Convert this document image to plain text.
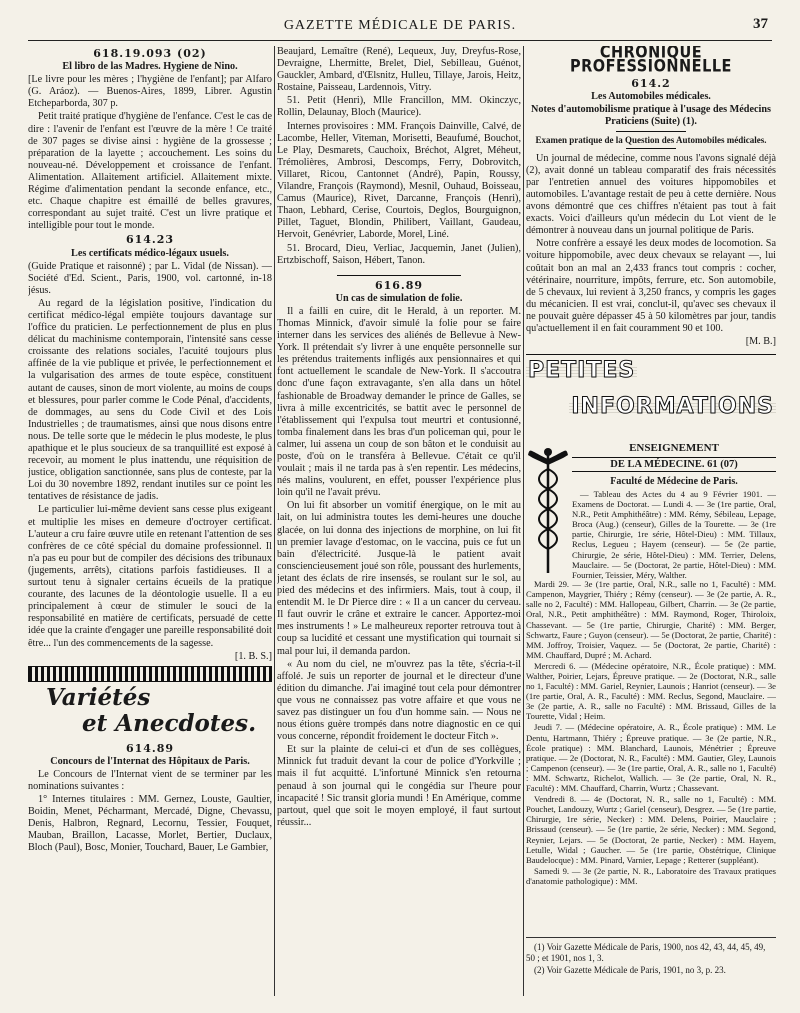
GAZETTE MÉDICALE DE PARIS.	37
618.19.093 (02)
El libro de las Madres. Hygiene de Nino.

[Le livre pour les mères ; l'hygiène de l'enfant]; par Alfaro (G. Aráoz). — Buenos-Aires, 1899, Librer. Agustin Etcheparborda, 307 p.

Petit traité pratique d'hygiène de l'enfance. C'est le cas de dire : l'avenir de l'enfant est l'œuvre de la mère ! Ce traité de 307 pages se divise ainsi : hygiène de la grossesse ; préparation de la layette ; accouchement. Les soins du nouveau-né. Développement et croissance de l'enfant. Alimentation. Allaitement artificiel. Allaitement mixte. Régime d'alimentation pendant la seconde enfance, etc., etc. Chaque chapitre est émaillé de belles gravures, correspondant au sujet traité. C'est un livre pratique et intelligible pour tout le monde.

614.23
Les certificats médico-légaux usuels.

(Guide Pratique et raisonné) ; par L. Vidal (de Nissan). — Société d'Ed. Scient., Paris, 1900, vol. cartonné, in-18 jésus.

Au regard de la législation positive, l'indication du certificat médico-légal empiète toujours davantage sur l'office du praticien. Le perfectionnement de plus en plus délicat du machinisme contemporain, l'intensité sans cesse croissante des relations sociales, l'acuité toujours plus affinée de la vie publique et privée, le perfectionnement et la vulgarisation des armes de toute espèce, constituent autant de causes, sinon de mort violente, au moins de coups et blessures, pour parler comme le Code Pénal, d'accidents, de dommages, au sens du Code Civil et des Lois Industrielles ; de traumatismes, ainsi que nous disons entre nous. De telle sorte que le médecin le plus modeste, le plus apathique et le plus soucieux de sa tranquillité est exposé à recevoir, au moment le plus inattendu, une réquisition de justice, obligation sanctionnée, sans plus de conteste, par la Loi du 30 novembre 1892, rendant inutiles sur ce point les tentatives de résistance de jadis.

Le particulier lui-même devient sans cesse plus exigeant et multiplie les mises en demeure d'octroyer certificat. L'auteur a cru faire œuvre utile en retenant l'attention de ses confrères de ce côté spécial du domaine professionnel. Il n'a pas eu pour but de compiler des décisions des tribunaux (jugements, arrêts), citations parfois fastidieuses. Il a surtout tenu à signaler certains écueils de la pratique courante, des lacunes de la déontologie usuelle. Il a eu principalement à cœur de stimuler le souci de la responsabilité en matière de certificats, persuadé de cette idée que la crainte d'engager une pareille responsabilité doit être... l'un des commencements de la sagesse.

[1. B. S.]
Variétés
et Anecdotes.
614.89
Concours de l'Internat des Hôpitaux de Paris.

Le Concours de l'Internat vient de se terminer par les nominations suivantes :

1° Internes titulaires : MM. Gernez, Louste, Gaultier, Boidin, Menet, Pécharmant, Mercadé, Digne, Chevassu, Denis, Halbron, Regnard, Lecornu, Tessier, Fouquet, Mauban, Braillon, Lacasse, Morlet, Bertier, Duclaux, Bloch (Paul), Bosc, Monier, Touchard, Bauer, Le Gambier,

Beaujard, Lemaître (René), Lequeux, Juy, Dreyfus-Rose, Devraigne, Lhermitte, Brelet, Diel, Sebilleau, Guénot, Gauckler, Ambard, d'Œlsnitz, Hulleu, Tillaye, Jarois, Heitz, Rostaine, Paisseau, Lardennois, Vitry.

51. Petit (Henri), Mlle Francillon, MM. Okinczyc, Rollin, Delaunay, Bloch (Maurice).

Internes provisoires : MM. François Dainville, Calvé, de Lacombe, Heller, Viteman, Morisetti, Beaufumé, Bouchot, Le Play, Desmarets, Cauchoix, Bréchot, Algret, Méheut, Trémolières, Ambrosi, Descomps, Ferry, Dobrovitch, Villaret, Ricou, Cantonnet (André), Papin, Roussy, Vilandre, François (Raymond), Mesnil, Ouhaud, Boisseau, Camus (Maurice), Rivet, Darcanne, François (Henri), Thaon, Lebhard, Cerise, Courtois, Deglos, Bourguignon, Pillet, Taguet, Blondin, Philibert, Vaillant, Gaudeau, Hervoit, Genévrier, Laborde, Morel, Liné.

51. Brocard, Dieu, Verliac, Jacquemin, Janet (Julien), Ertzbischoff, Saison, Hébert, Tanon.

616.89
Un cas de simulation de folie.

Il a failli en cuire, dit le Herald, à un reporter. M. Thomas Minnick, d'avoir simulé la folie pour se faire interner dans les services des aliénés de Bellevue à New-York. Il prétendait s'y livrer à une enquête personnelle sur les prétendus traitements infligés aux pensionnaires et qui font actuellement le scandale de New-York. Il s'accoutra donc d'une façon extravagante, s'en alla dans un hôtel fashionable de Broadway demander le prince de Galles, se livra à mille excentricités, se battit avec le personnel de l'établissement qui l'expulsa tout meurtri et contusionné, tomba finalement dans les bras d'un policeman qui, pour le calmer, lui assena un coup de son bâton et le conduisit au poste, d'où on le transféra à Bellevue. C'était ce qu'il voulait ; mais il ne tarda pas à s'en repentir. Les médecins, nés malins, voulurent, en effet, pousser l'expérience plus loin qu'il ne l'avait prévu.

On lui fit absorber un vomitif énergique, on le mit au lait, on lui administra toutes les demi-heures une douche glacée, on lui donna des injections de morphine, on lui fit un premier lavage d'estomac, on le vaccina, puis ce fut un bain d'électricité. Jusque-là le patient avait consciencieusement joué son rôle, poussant des hurlements, jetant des éclats de rire insensés, se roulant sur le sol, au pied des médecins et des infirmiers. Mais, tout à coup, il entendit M. le Dr Pierce dire : « Il a un cancer du cerveau. Il faut ouvrir le crâne et extraire le cancer. Apportez-moi mes instruments ! » Le malheureux reporter retrouva tout à coup sa lucidité et cessant une mystification qui tournait si mal pour lui, il demanda pardon.

« Au nom du ciel, ne m'ouvrez pas la tête, s'écria-t-il affolé. Je suis un reporter de journal et le directeur d'une édition du dimanche. J'ai imaginé tout cela pour démontrer que vous ne connaissez pas votre affaire et que vous ne savez pas distinguer un fou d'un homme sain. — Nous ne nous étions guère trompés dans notre diagnostic en ce qui vous concerne, répondit froidement le docteur Fitch ».

Et sur la plainte de celui-ci et d'un de ses collègues, Minnick fut traduit devant la cour de police d'Yorkville ; mais il fut acquitté. L'infortuné Minnick s'en retourna penaud à son journal qui le congédia sur l'heure pour incapacité ! Sic transit gloria mundi ! En Amérique, comme partout, quel que soit le moyen employé, il faut surtout réussir...

CHRONIQUE PROFESSIONNELLE
614.2
Les Automobiles médicales.
Notes d'automobilisme pratique à l'usage des Médecins Praticiens (Suite) (1).
Examen pratique de la Question des Automobiles médicales.

Un journal de médecine, comme nous l'avons signalé déjà (2), avait donné un tableau comparatif des frais nécessités par l'entretien annuel des voitures hippomobiles et automobiles. L'avantage restait de peu à cette dernière. Nous avons démontré que ces chiffres n'étaient pas tout à fait exacts. Voici d'ailleurs qu'un médecin du Lot vient de le démontrer à nouveau dans un journal politique de Paris.

Notre confrère a essayé les deux modes de locomotion. Sa voiture hippomobile, avec deux chevaux se relayant —, lui coûtait bon an mal an 2,433 francs tout compris : cocher, vétérinaire, nourriture, impôts, ferrure, etc. Son automobile, de 5 chevaux, lui revient à 3,250 francs, y compris les gages du mécanicien. Il est vrai, conclut-il, qu'avec ses chevaux il ne pouvait guère dépasser 45 à 50 kilomètres par jour, tandis qu'actuellement il en fait couramment 90 et 100.

[M. B.]
PETITES
INFORMATIONS
ENSEIGNEMENT
DE LA MÉDECINE. 61 (07)
Faculté de Médecine de Paris.

— Tableau des Actes du 4 au 9 Février 1901. — Examens de Doctorat. — Lundi 4. — 3e (1re partie, Oral, N.R., Petit Amphithéâtre) : MM. Rémy, Sébileau, Lepage, Broca (Aug.) (censeur), Gilles de la Tourette. — 3e (1re partie, Chirurgie, 1re série, Hôtel-Dieu) : MM. Tillaux, Reclus, Legueu ; Hayem (censeur). — 5e (2e partie, Chirurgie, 2e série, Hôtel-Dieu) : MM. Terrier, Delens, Mauclaire. — 5e (Doctorat, 2e partie, Hôtel-Dieu) : MM. Fournier, Teissier, Méry, Walther.

Mardi 29. — 3e (1re partie, Oral, N.R., salle no 1, Faculté) : MM. Campenon, Maygrier, Thiéry ; Rémy (censeur). — 3e (2e partie, A. R., salle no 2, Faculté) : MM. Hallopeau, Gilbert, Charrin. — 3e (2e partie, Oral, N.R., Petit amphithéâtre) : MM. Raymond, Roger, Thiroloix, Chassevant. — 5e (1re partie, Chirurgie, Charité) : MM. Berger, Schwartz, Faure ; Guyon (censeur). — 5e (Doctorat, 2e partie, Charité) : MM. Joffroy, Troisier, Vaquez. — 5e (Doctorat, 2e partie, Charité) : MM. Chauffard, Dupré ; M. Achard.

Mercredi 6. — (Médecine opératoire, N.R., École pratique) : MM. Walther, Poirier, Lejars, Épreuve pratique. — 2e (Doctorat, N.R., salle no 1, Faculté) : MM. Gariel, Reynier, Launois ; Hanriot (censeur). — 3e (1re partie, Oral, A. R., Faculté) : MM. Reclus, Segond, Mauclaire. — 3e (2e partie, A. R., salle no Faculté) : MM. Brissaud, Gilles de la Tourette, Vidal ; Heim.

Jeudi 7. — (Médecine opératoire, A. R., École pratique) : MM. Le Dentu, Hartmann, Thiéry ; Épreuve pratique. — 3e (2e partie, N.R., École pratique) : MM. Blanchard, Launois, Ménétrier ; Épreuve pratique. — 2e (Doctorat, N. R., Faculté) : MM. Gautier, Gley, Launois ; Campenon (censeur). — 3e (1re partie, Oral, A. R., salle no 1, Faculté) : MM. Schwartz, Richelot, Wallich. — 3e (2e partie, Oral, N. R., Faculté) : MM. Chauffard, Charrin, Wurtz ; Chassevant.

Vendredi 8. — 4e (Doctorat, N. R., salle no 1, Faculté) : MM. Pouchet, Landouzy, Wurtz ; Gariel (censeur), Desgrez. — 5e (1re partie, Chirurgie, 1re série, Necker) : MM. Delens, Poirier, Mauclaire ; Brissaud (censeur). — 5e (1re partie, 2e série, Necker) : MM. Segond, Reynier, Lejars. — 5e (Doctorat, 2e partie, Necker) : MM. Hayem, Letulle, Widal ; Gaucher. — 5e (1re partie, Obstétrique, Clinique Baudelocque) : MM. Pinard, Varnier, Lepage ; Retterer (suppléant).

Samedi 9. — 3e (2e partie, N. R., Laboratoire des Travaux pratiques d'anatomie pathologique) : MM.

(1) Voir Gazette Médicale de Paris, 1900, nos 42, 43, 44, 45, 49, 50 ; et 1901, nos 1, 3.

(2) Voir Gazette Médicale de Paris, 1901, no 3, p. 23.
